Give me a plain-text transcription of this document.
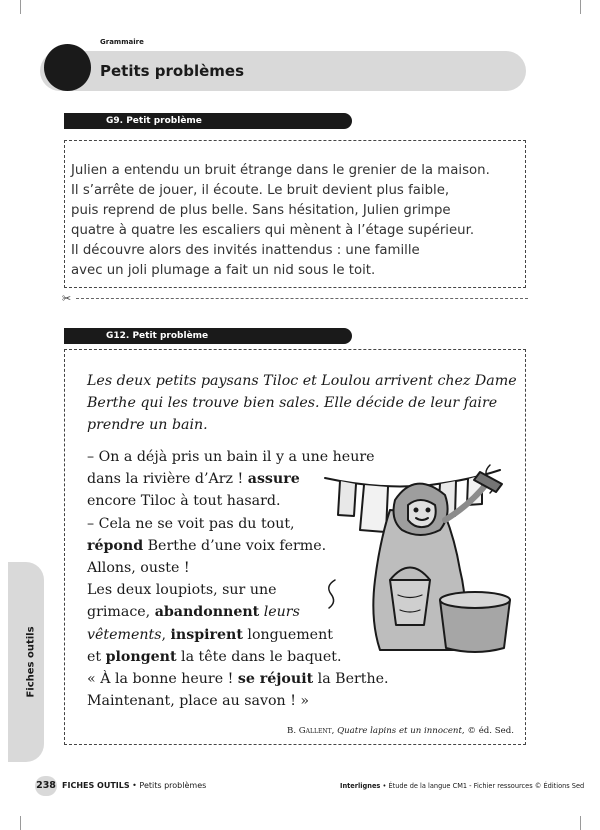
Grammaire
Petits problèmes
G9. Petit problème

Julien a entendu un bruit étrange dans le grenier de la maison.
Il s’arrête de jouer, il écoute. Le bruit devient plus faible,
puis reprend de plus belle. Sans hésitation, Julien grimpe
quatre à quatre les escaliers qui mènent à l’étage supérieur.
Il découvre alors des invités inattendus : une famille
avec un joli plumage a fait un nid sous le toit.

✂
G12. Petit problème

Les deux petits paysans Tiloc et Loulou arrivent chez Dame
Berthe qui les trouve bien sales. Elle décide de leur faire
prendre un bain.

– On a déjà pris un bain il y a une heure
dans la rivière d’Arz ! assure
encore Tiloc à tout hasard.
– Cela ne se voit pas du tout,
répond Berthe d’une voix ferme.
Allons, ouste !
Les deux loupiots, sur une
grimace, abandonnent leurs
vêtements, inspirent longuement
et plongent la tête dans le baquet.

« À la bonne heure ! se réjouit la Berthe.
Maintenant, place au savon ! »

B. Gallent, Quatre lapins et un innocent, © éd. Sed.
Fiches outils
238 FICHES OUTILS • Petits problèmes	Interlignes • Étude de la langue CM1 - Fichier ressources © Éditions Sed
